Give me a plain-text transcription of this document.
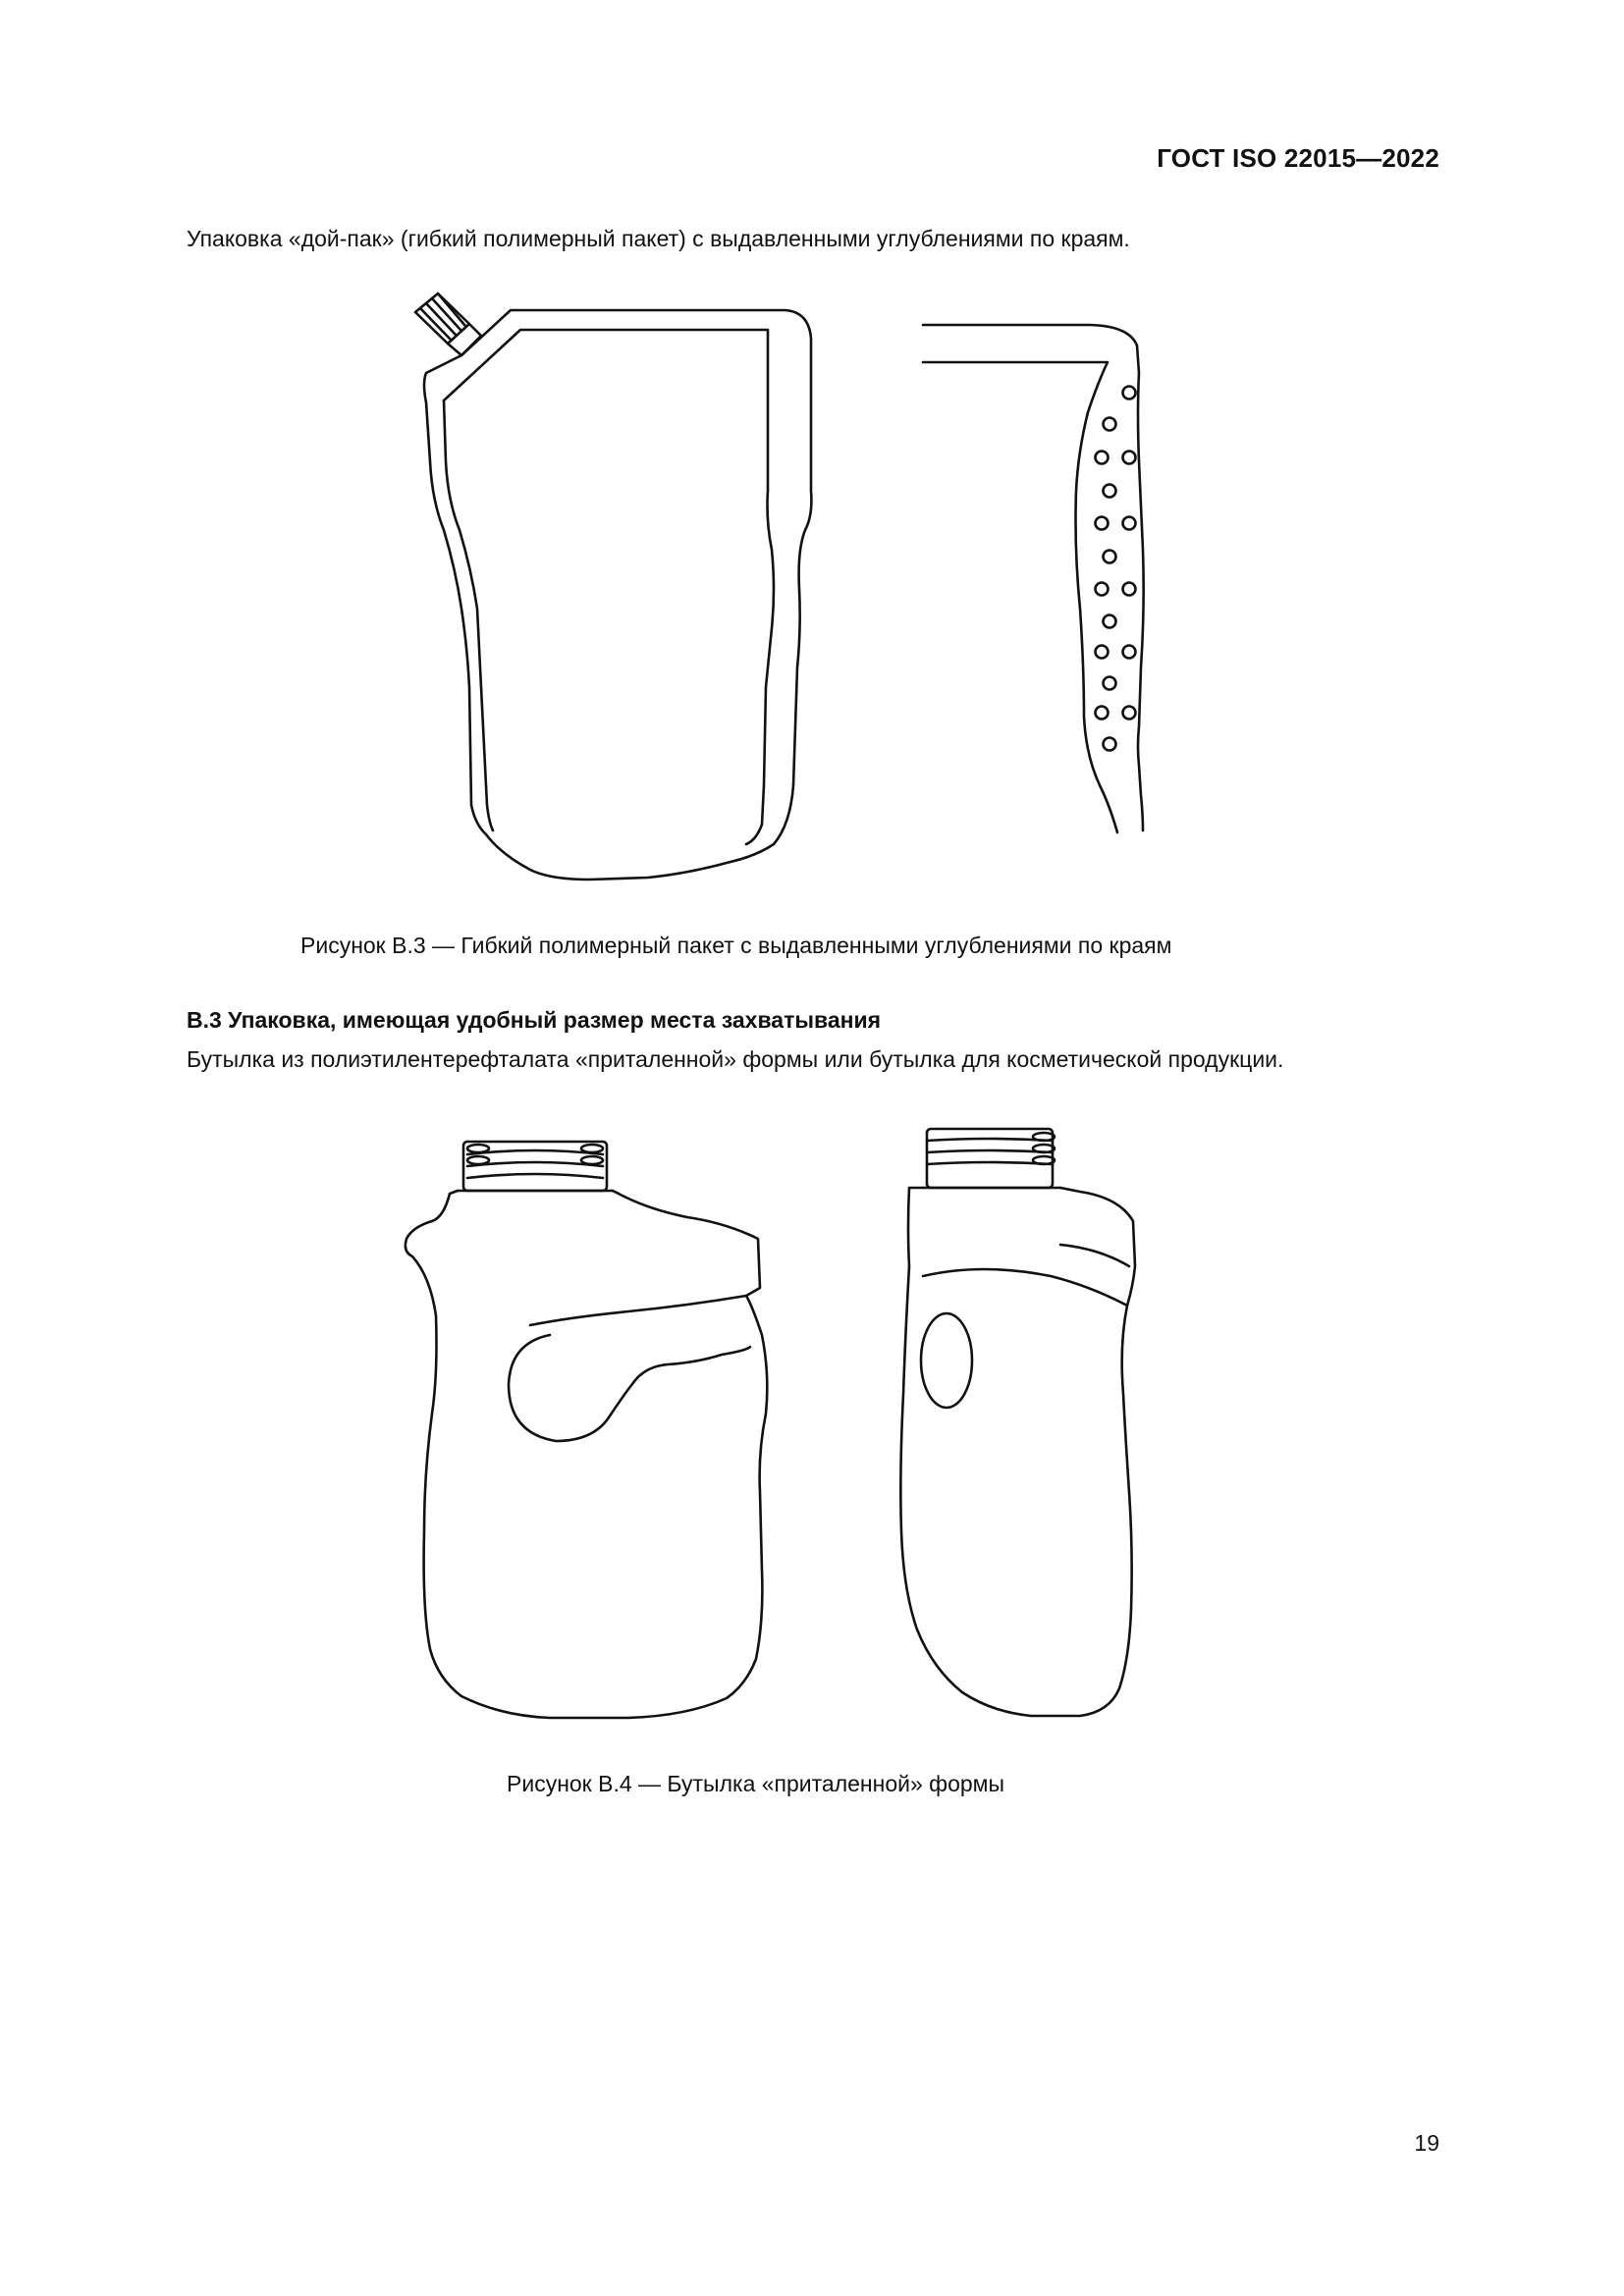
ГОСТ ISO 22015—2022
Упаковка «дой-пак» (гибкий полимерный пакет) с выдавленными углублениями по краям.
Рисунок В.3 — Гибкий полимерный пакет с выдавленными углублениями по краям
В.3 Упаковка, имеющая удобный размер места захватывания
Бутылка из полиэтилентерефталата «приталенной» формы или бутылка для косметической продукции.
Рисунок В.4 — Бутылка «приталенной» формы
19
